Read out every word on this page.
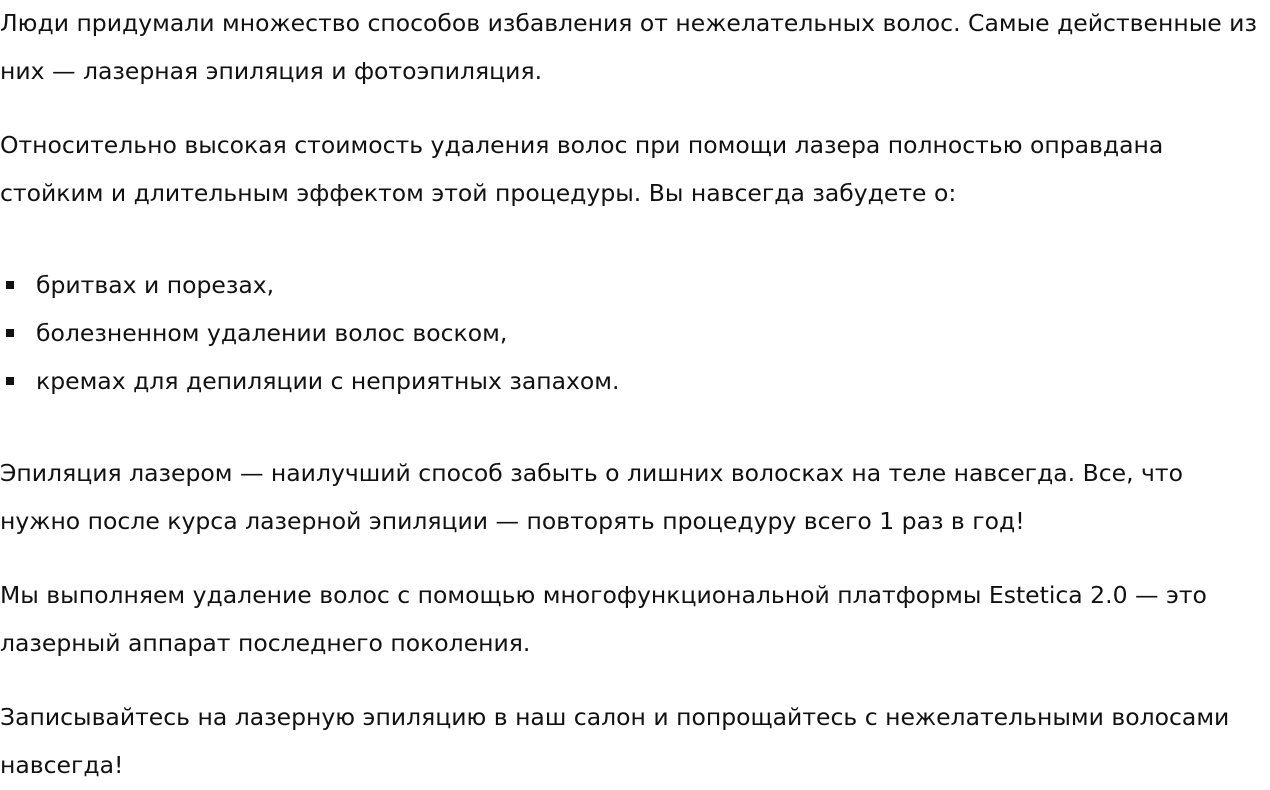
Люди придумали множество способов избавления от нежелательных волос. Самые действенные из них — лазерная эпиляция и фотоэпиляция.

Относительно высокая стоимость удаления волос при помощи лазера полностью оправдана стойким и длительным эффектом этой процедуры. Вы навсегда забудете о:

бритвах и порезах,
болезненном удалении волос воском,
кремах для депиляции с неприятных запахом.

Эпиляция лазером — наилучший способ забыть о лишних волосках на теле навсегда. Все, что нужно после курса лазерной эпиляции — повторять процедуру всего 1 раз в год!

Мы выполняем удаление волос с помощью многофункциональной платформы Estetica 2.0 — это лазерный аппарат последнего поколения.

Записывайтесь на лазерную эпиляцию в наш салон и попрощайтесь с нежелательными волосами навсегда!
